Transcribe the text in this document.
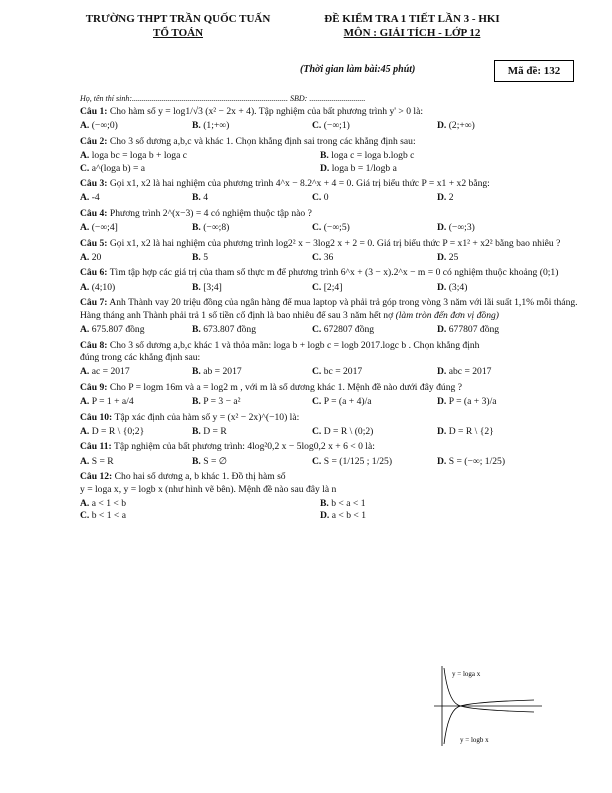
TRƯỜNG THPT TRẦN QUỐC TUẤN
TỔ TOÁN
ĐỀ KIỂM TRA 1 TIẾT LẦN 3 - HKI
MÔN : GIẢI TÍCH - LỚP 12
(Thời gian làm bài:45 phút)	Mã đề: 132
Họ, tên thí sinh:.............................................................................. SBD: ............................
Câu 1: Cho hàm số y = log1/√3 (x² − 2x + 4). Tập nghiệm của bất phương trình y' > 0 là:
A. (−∞;0)	B. (1;+∞)	C. (−∞;1)	D. (2;+∞)
Câu 2: Cho 3 số dương a,b,c và khác 1. Chọn khẳng định sai trong các khẳng định sau:
A. loga bc = loga b + loga c	B. loga c = loga b.logb c
C. a^(loga b) = a	D. loga b = 1/logb a
Câu 3: Gọi x1, x2 là hai nghiệm của phương trình 4^x − 8.2^x + 4 = 0. Giá trị biểu thức P = x1 + x2 bằng:
A. -4	B. 4	C. 0	D. 2
Câu 4: Phương trình 2^(x−3) = 4 có nghiệm thuộc tập nào ?
A. (−∞;4]	B. (−∞;8)	C. (−∞;5)	D. (−∞;3)
Câu 5: Gọi x1, x2 là hai nghiệm của phương trình log2² x − 3log2 x + 2 = 0. Giá trị biểu thức P = x1² + x2² bằng bao nhiêu ?
A. 20	B. 5	C. 36	D. 25
Câu 6: Tìm tập hợp các giá trị của tham số thực m để phương trình 6^x + (3 − x).2^x − m = 0 có nghiệm thuộc khoảng (0;1)
A. (4;10)	B. [3;4]	C. [2;4]	D. (3;4)
Câu 7: Anh Thành vay 20 triệu đồng của ngân hàng để mua laptop và phải trả góp trong vòng 3 năm với lãi suất 1,1% mỗi tháng. Hàng tháng anh Thành phải trả 1 số tiền cố định là bao nhiêu để sau 3 năm hết nợ (làm tròn đến đơn vị đồng)
A. 675.807 đồng	B. 673.807 đồng	C. 672807 đồng	D. 677807 đồng
Câu 8: Cho 3 số dương a,b,c khác 1 và thỏa mãn: loga b + logb c = logb 2017.logc b . Chọn khẳng định
đúng trong các khẳng định sau:
A. ac = 2017	B. ab = 2017	C. bc = 2017	D. abc = 2017
Câu 9: Cho P = logm 16m và a = log2 m , với m là số dương khác 1. Mệnh đề nào dưới đây đúng ?
A. P = 1 + a/4	B. P = 3 − a²	C. P = (a + 4)/a	D. P = (a + 3)/a
Câu 10: Tập xác định của hàm số y = (x² − 2x)^(−10) là:
A. D = R \ {0;2}	B. D = R	C. D = R \ (0;2)	D. D = R \ {2}
Câu 11: Tập nghiệm của bất phương trình: 4log²0,2 x − 5log0,2 x + 6 < 0 là:
A. S = R	B. S = ∅	C. S = (1/125 ; 1/25)	D. S = (−∞; 1/25)
Câu 12: Cho hai số dương a, b khác 1. Đồ thị hàm số
y = loga x, y = logb x (như hình vẽ bên). Mệnh đề nào sau đây là n
A. a < 1 < b	B. b < a < 1
C. b < 1 < a	D. a < b < 1
y = loga x
y = logb x
